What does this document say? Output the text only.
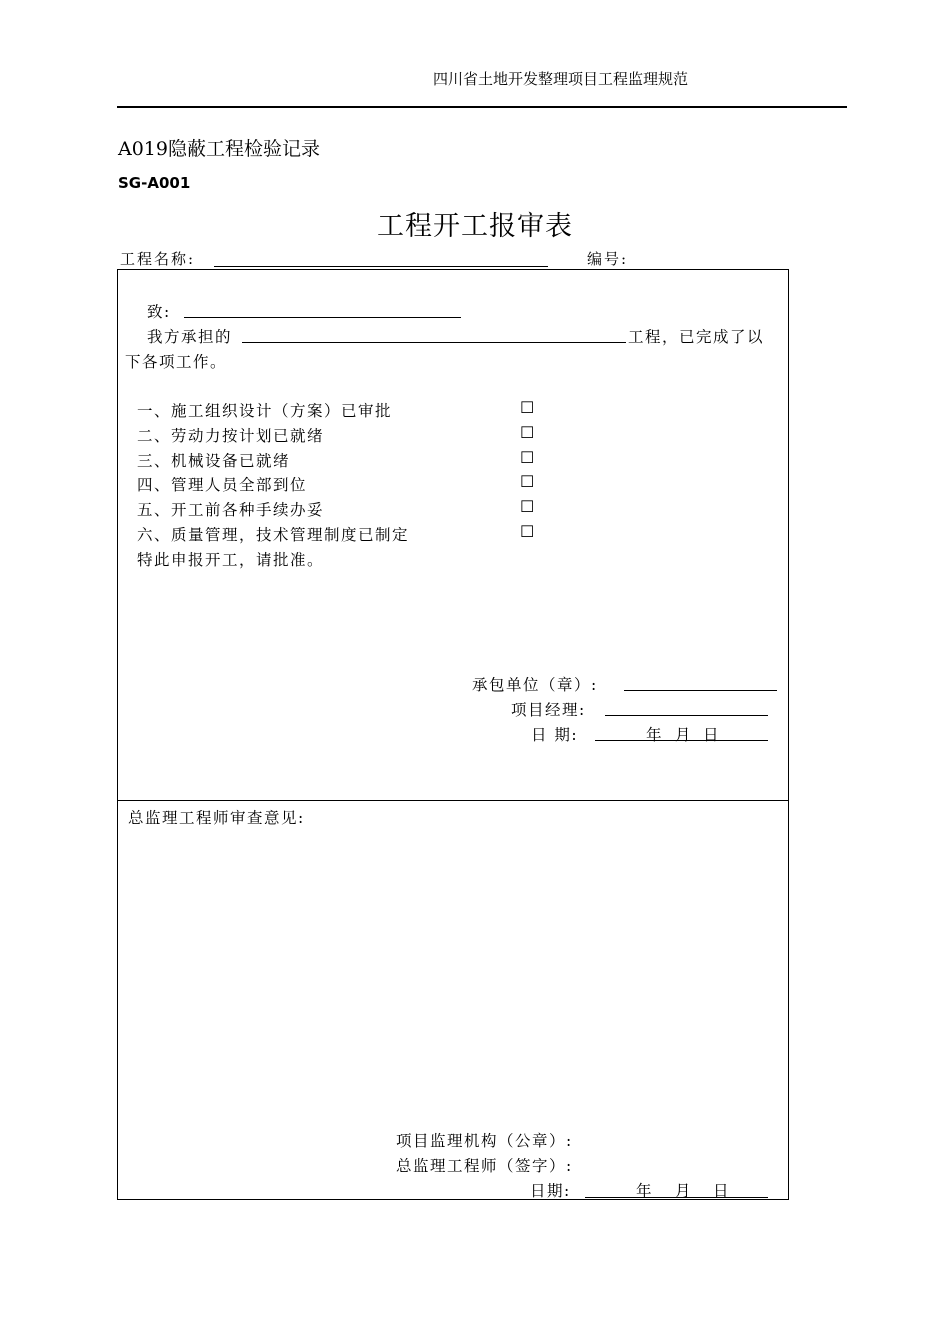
四川省土地开发整理项目工程监理规范
A019隐蔽工程检验记录
SG-A001
工程开工报审表
工程名称:	编号:
致:
我方承担的	工程，已完成了以
下各项工作。
一、施工组织设计（方案）已审批	☐
二、劳动力按计划已就绪	☐
三、机械设备已就绪	☐
四、管理人员全部到位	☐
五、开工前各种手续办妥	☐
六、质量管理，技术管理制度已制定	☐
特此申报开工，请批准。
承包单位（章）:
项目经理:
日 期:	年 月 日
总监理工程师审查意见:
项目监理机构（公章）:
总监理工程师（签字）:
日期:	年 月 日
